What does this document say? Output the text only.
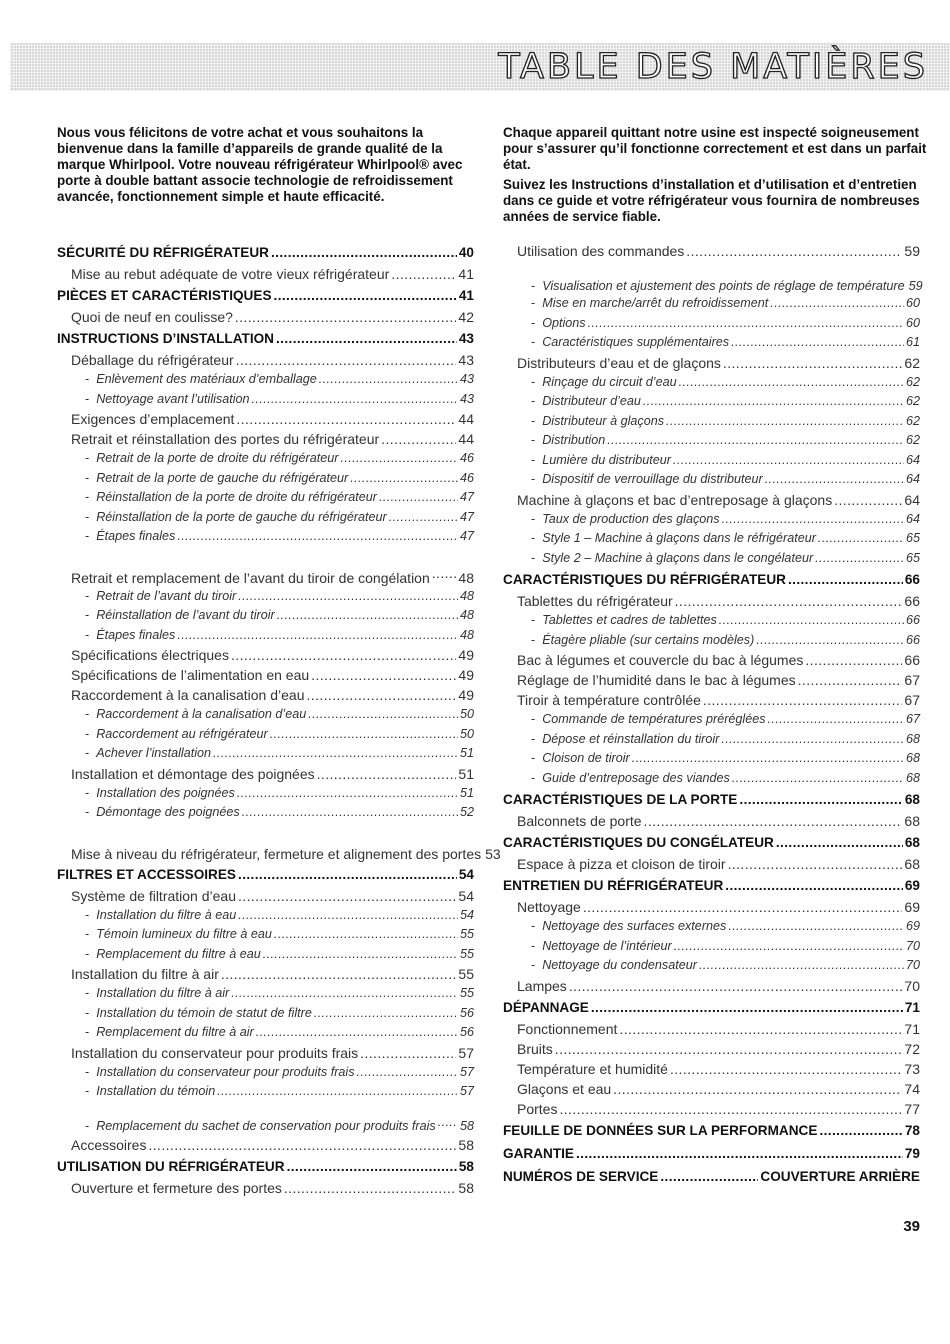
TABLE DES MATIÈRES

Nous vous félicitons de votre achat et vous souhaitons la bienvenue dans la famille d’appareils de grande qualité de la marque Whirlpool. Votre nouveau réfrigérateur Whirlpool® avec porte à double battant associe technologie de refroidissement avancée, fonctionnement simple et haute efficacité.

Chaque appareil quittant notre usine est inspecté soigneusement pour s’assurer qu’il fonctionne correctement et est dans un parfait état.

Suivez les Instructions d’installation et d’utilisation et d’entretien dans ce guide et votre réfrigérateur vous fournira de nombreuses années de service fiable.

SÉCURITÉ DU RÉFRIGÉRATEUR .....	40
Mise au rebut adéquate de votre vieux réfrigérateur	41
PIÈCES ET CARACTÉRISTIQUES .....	41
Quoi de neuf en coulisse?	42
INSTRUCTIONS D’INSTALLATION .....	43
Déballage du réfrigérateur	43
- Enlèvement des matériaux d’emballage	43
- Nettoyage avant l’utilisation	43
Exigences d’emplacement	44
Retrait et réinstallation des portes du réfrigérateur	44
- Retrait de la porte de droite du réfrigérateur	46
- Retrait de la porte de gauche du réfrigérateur	46
- Réinstallation de la porte de droite du réfrigérateur	47
- Réinstallation de la porte de gauche du réfrigérateur	47
- Étapes finales	47
Retrait et remplacement de l’avant du tiroir de congélation 48
- Retrait de l’avant du tiroir	48
- Réinstallation de l’avant du tiroir	48
- Étapes finales	48
Spécifications électriques	49
Spécifications de l’alimentation en eau	49
Raccordement à la canalisation d’eau	49
- Raccordement à la canalisation d’eau	50
- Raccordement au réfrigérateur	50
- Achever l’installation	51
Installation et démontage des poignées	51
- Installation des poignées	51
- Démontage des poignées	52
Mise à niveau du réfrigérateur, fermeture et alignement des portes 53
FILTRES ET ACCESSOIRES .....	54
Système de filtration d’eau	54
- Installation du filtre à eau	54
- Témoin lumineux du filtre à eau	55
- Remplacement du filtre à eau	55
Installation du filtre à air	55
- Installation du filtre à air	55
- Installation du témoin de statut de filtre	56
- Remplacement du filtre à air	56
Installation du conservateur pour produits frais	57
- Installation du conservateur pour produits frais	57
- Installation du témoin	57
- Remplacement du sachet de conservation pour produits frais 58
Accessoires	58
UTILISATION DU RÉFRIGÉRATEUR .....	58
Ouverture et fermeture des portes	58
Utilisation des commandes	59
- Visualisation et ajustement des points de réglage de température 59
- Mise en marche/arrêt du refroidissement	60
- Options	60
- Caractéristiques supplémentaires	61
Distributeurs d’eau et de glaçons	62
- Rinçage du circuit d’eau	62
- Distributeur d’eau	62
- Distributeur à glaçons	62
- Distribution	62
- Lumière du distributeur	64
- Dispositif de verrouillage du distributeur	64
Machine à glaçons et bac d’entreposage à glaçons	64
- Taux de production des glaçons	64
- Style 1 – Machine à glaçons dans le réfrigérateur	65
- Style 2 – Machine à glaçons dans le congélateur	65
CARACTÉRISTIQUES DU RÉFRIGÉRATEUR .....	66
Tablettes du réfrigérateur	66
- Tablettes et cadres de tablettes	66
- Étagère pliable (sur certains modèles)	66
Bac à légumes et couvercle du bac à légumes	66
Réglage de l’humidité dans le bac à légumes	67
Tiroir à température contrôlée	67
- Commande de températures préréglées	67
- Dépose et réinstallation du tiroir	68
- Cloison de tiroir	68
- Guide d’entreposage des viandes	68
CARACTÉRISTIQUES DE LA PORTE .....	68
Balconnets de porte	68
CARACTÉRISTIQUES DU CONGÉLATEUR .....	68
Espace à pizza et cloison de tiroir	68
ENTRETIEN DU RÉFRIGÉRATEUR .....	69
Nettoyage	69
- Nettoyage des surfaces externes	69
- Nettoyage de l’intérieur	70
- Nettoyage du condensateur	70
Lampes	70
DÉPANNAGE .....	71
Fonctionnement	71
Bruits	72
Température et humidité	73
Glaçons et eau	74
Portes	77
FEUILLE DE DONNÉES SUR LA PERFORMANCE .....	78
GARANTIE .....	79
NUMÉROS DE SERVICE .....	COUVERTURE ARRIÈRE
39
